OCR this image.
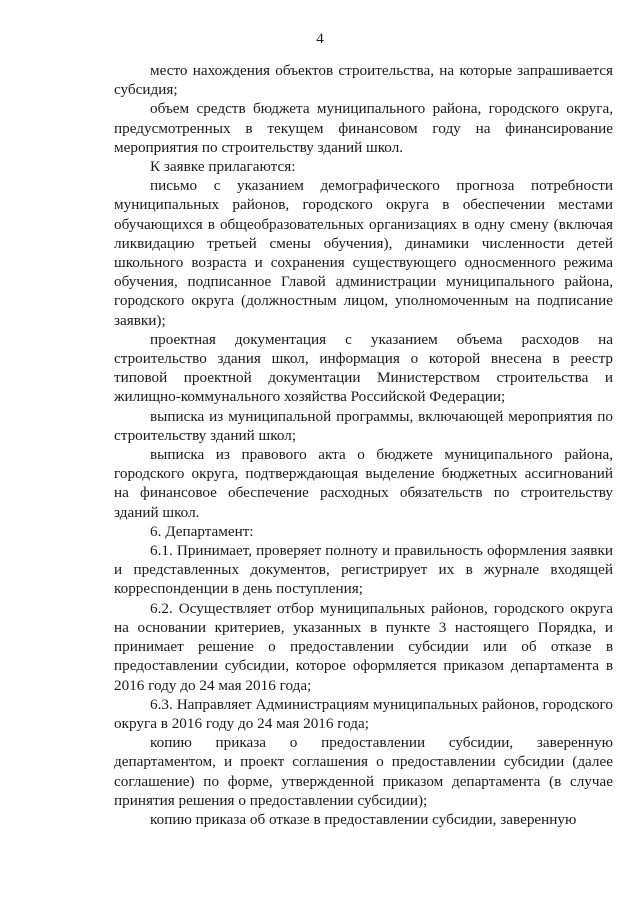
4

место нахождения объектов строительства, на которые запрашивается субсидия;

объем средств бюджета муниципального района, городского округа, предусмотренных в текущем финансовом году на финансирование мероприятия по строительству зданий школ.

К заявке прилагаются:

письмо с указанием демографического прогноза потребности муниципальных районов, городского округа в обеспечении местами обучающихся в общеобразовательных организациях в одну смену (включая ликвидацию третьей смены обучения), динамики численности детей школьного возраста и сохранения существующего односменного режима обучения, подписанное Главой администрации муниципального района, городского округа (должностным лицом, уполномоченным на подписание заявки);

проектная документация с указанием объема расходов на строительство здания школ, информация о которой внесена в реестр типовой проектной документации Министерством строительства и жилищно-коммунального хозяйства Российской Федерации;

выписка из муниципальной программы, включающей мероприятия по строительству зданий школ;

выписка из правового акта о бюджете муниципального района, городского округа, подтверждающая выделение бюджетных ассигнований на финансовое обеспечение расходных обязательств по строительству зданий школ.

6. Департамент:

6.1. Принимает, проверяет полноту и правильность оформления заявки и представленных документов, регистрирует их в журнале входящей корреспонденции в день поступления;

6.2. Осуществляет отбор муниципальных районов, городского округа на основании критериев, указанных в пункте 3 настоящего Порядка, и принимает решение о предоставлении субсидии или об отказе в предоставлении субсидии, которое оформляется приказом департамента в 2016 году до 24 мая 2016 года;

6.3. Направляет Администрациям муниципальных районов, городского округа в 2016 году до 24 мая 2016 года;

копию приказа о предоставлении субсидии, заверенную департаментом, и проект соглашения о предоставлении субсидии (далее соглашение) по форме, утвержденной приказом департамента (в случае принятия решения о предоставлении субсидии);

копию приказа об отказе в предоставлении субсидии, заверенную
